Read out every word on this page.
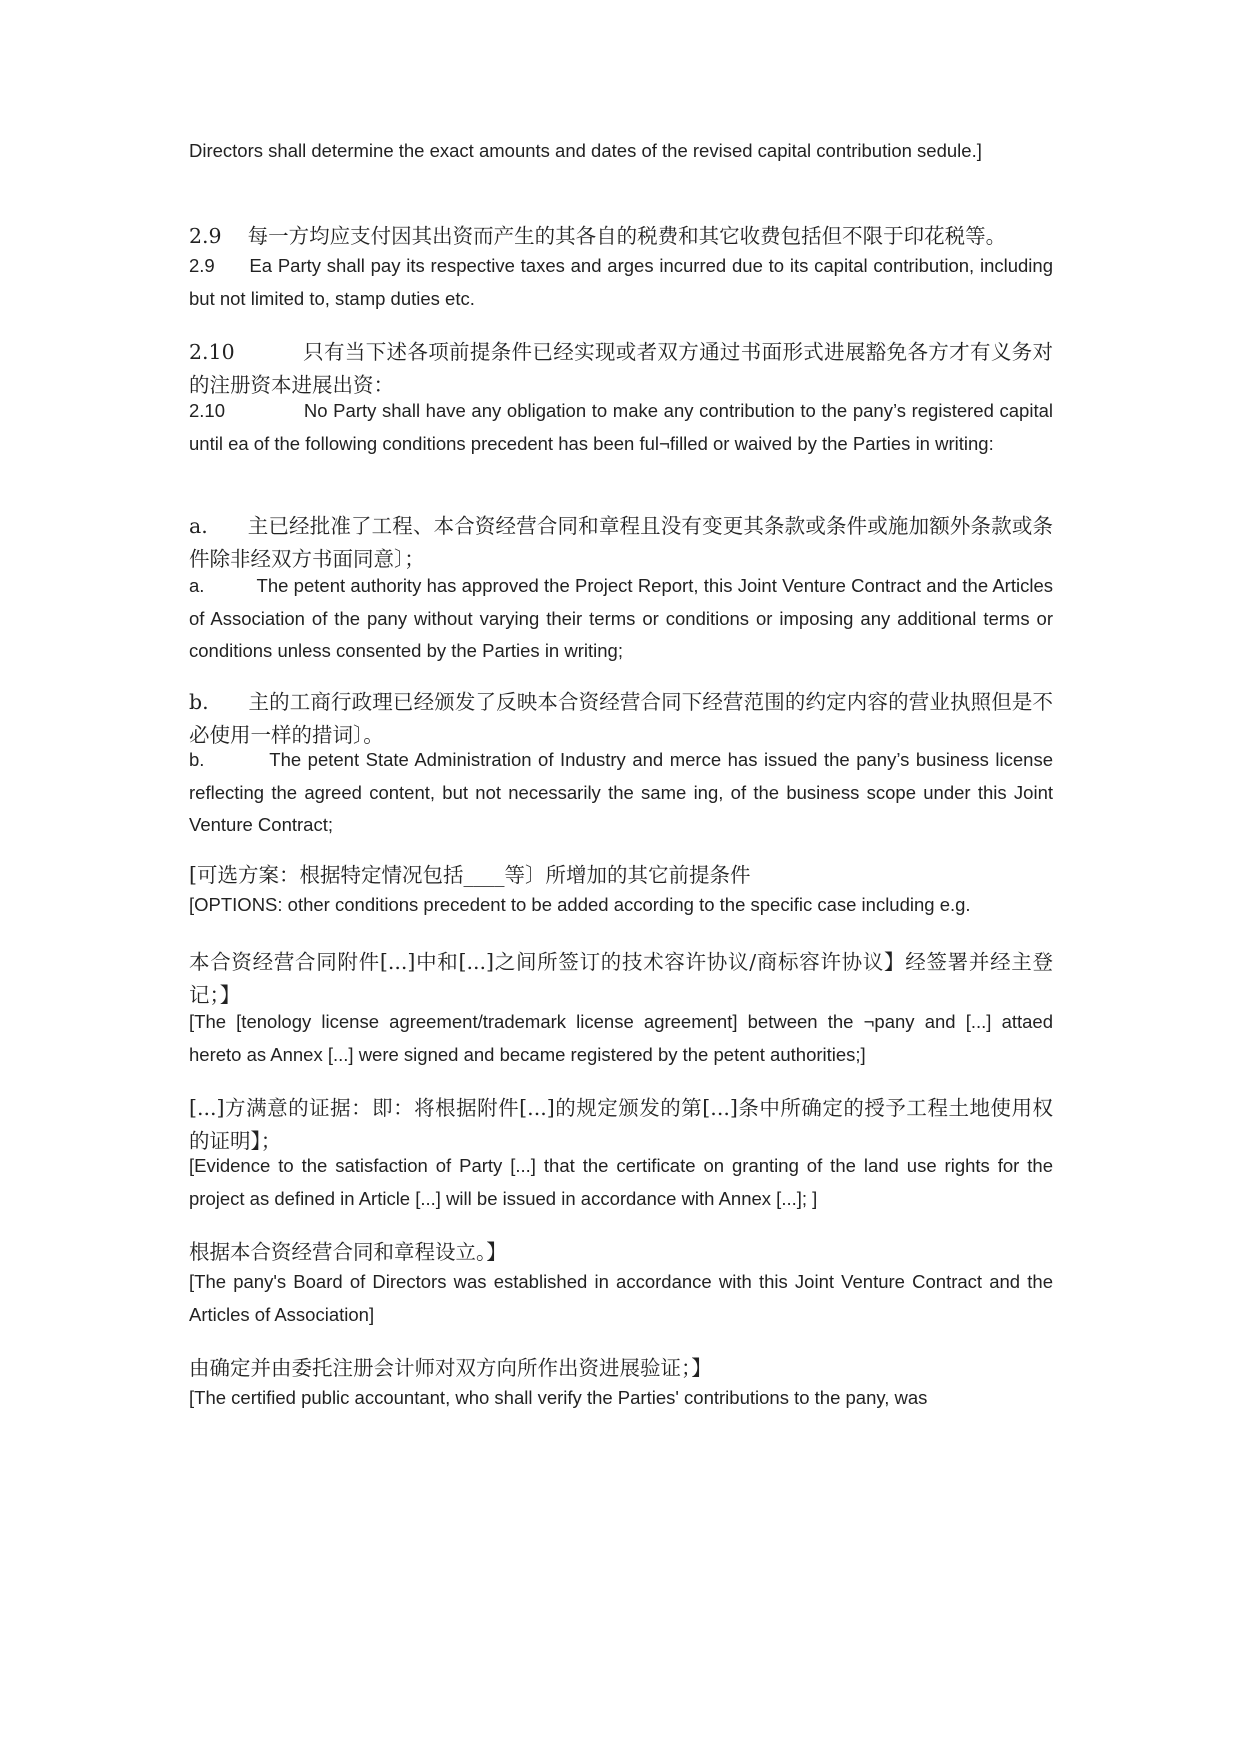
Directors shall determine the exact amounts and dates of the revised capital contribution sedule.]

2.9    每一方均应支付因其出资而产生的其各自的税费和其它收费包括但不限于印花税等。

2.9      Ea Party shall pay its respective taxes and arges incurred due to its capital contribution, including but not limited to, stamp duties etc.

2.10          只有当下述各项前提条件已经实现或者双方通过书面形式进展豁免各方才有义务对的注册资本进展出资：

2.10              No Party shall have any obligation to make any contribution to the pany’s registered capital until ea of the following conditions precedent has been ful¬filled or waived by the Parties in writing:

a.      主已经批准了工程、本合资经营合同和章程且没有变更其条款或条件或施加额外条款或条件除非经双方书面同意〕；

a.          The petent authority has approved the Project Report, this Joint Venture Contract and the Articles of Association of the pany without varying their terms or conditions or imposing any additional terms or conditions unless consented by the Parties in writing;

b.      主的工商行政理已经颁发了反映本合资经营合同下经营范围的约定内容的营业执照但是不必使用一样的措词〕。

b.          The petent State Administration of Industry and merce has issued the pany’s business license    reflecting the agreed content, but not necessarily the same ing, of the business scope under this Joint Venture Contract;

[可选方案：根据特定情况包括____等〕所增加的其它前提条件

[OPTIONS: other conditions precedent to be added according to the specific case including e.g.

本合资经营合同附件[...]中和[...]之间所签订的技术容许协议/商标容许协议】经签署并经主登记；】

[The [tenology license agreement/trademark license agreement] between the ¬pany and [...] attaed hereto as Annex [...] were signed and became registered by the petent authorities;]

[...]方满意的证据：即：将根据附件[...]的规定颁发的第[...]条中所确定的授予工程土地使用权的证明】；

[Evidence to the satisfaction of Party [...] that the certificate on granting of the land use rights for the project as defined in Article [...] will be issued in accordance with Annex [...]; ]

根据本合资经营合同和章程设立。】

[The pany's Board of Directors was established in accordance with this Joint Venture Contract and the Articles of Association]

由确定并由委托注册会计师对双方向所作出资进展验证；】

[The certified public accountant, who shall verify the Parties' contributions to the pany, was
